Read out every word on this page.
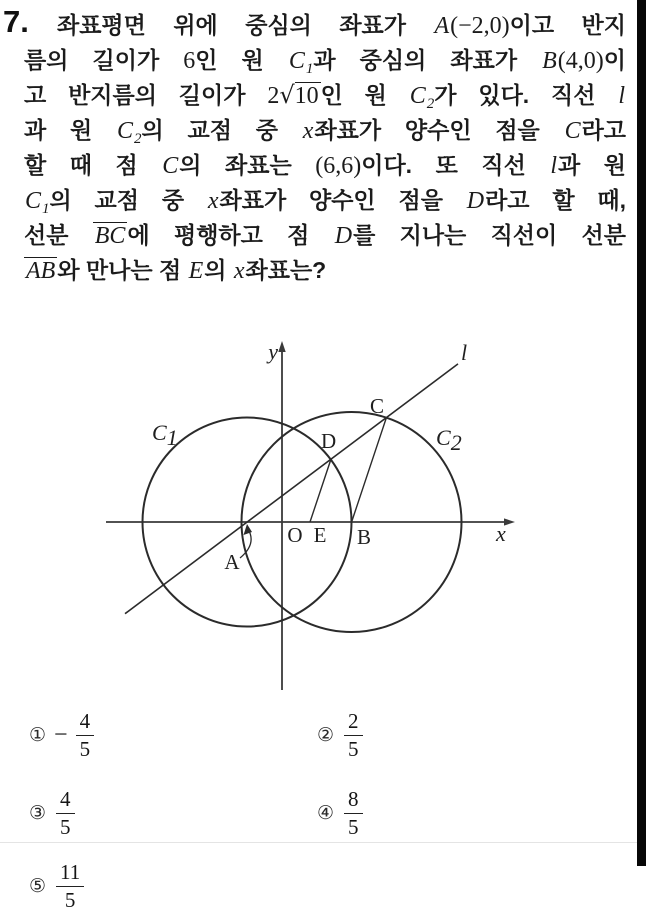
7.	좌표평면 위에 중심의 좌표가 A(−2,0)이고 반지
름의 길이가 6인 원 $C_1$과 중심의 좌표가 B(4,0)이
고 반지름의 길이가 2√10인 원 $C_2$가 있다. 직선 l
과 원 $C_2$의 교점 중 x좌표가 양수인 점을 C라고
할 때 점 C의 좌표는 (6,6)이다. 또 직선 l과 원
$C_1$의 교점 중 x좌표가 양수인 점을 D라고 할 때,
선분 BC에 평행하고 점 D를 지나는 직선이 선분
AB와 만나는 점 E의 x좌표는?
y
x
l
C1	C2
C
D
O E B
A
① − $\frac{4}{5}$	② $\frac{2}{5}$
③ $\frac{4}{5}$	④ $\frac{8}{5}$
⑤ $\frac{11}{5}$
